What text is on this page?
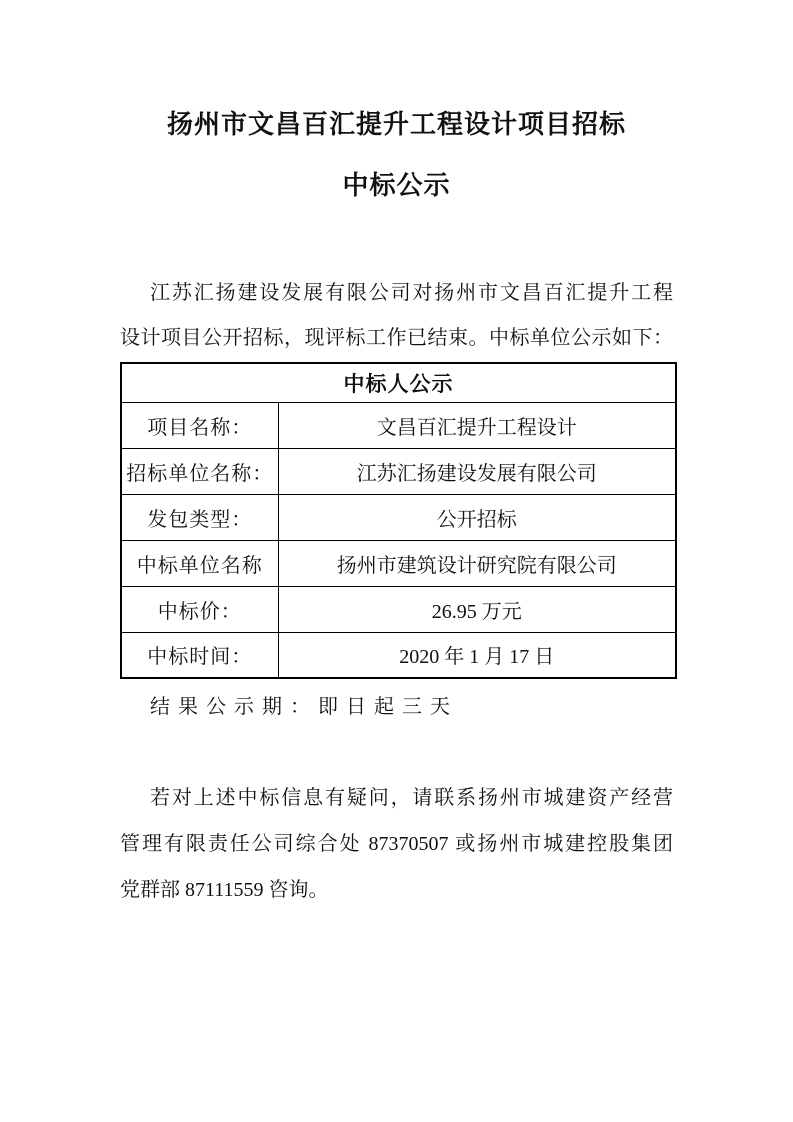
扬州市文昌百汇提升工程设计项目招标
中标公示
江苏汇扬建设发展有限公司对扬州市文昌百汇提升工程
设计项目公开招标，现评标工作已结束。中标单位公示如下：
中标人公示	
项目名称：	文昌百汇提升工程设计
招标单位名称：	江苏汇扬建设发展有限公司
发包类型：	公开招标
中标单位名称	扬州市建筑设计研究院有限公司
中标价：	26.95 万元
中标时间：	2020 年 1 月 17 日
结果公示期：即日起三天
若对上述中标信息有疑问，请联系扬州市城建资产经营
管理有限责任公司综合处 87370507 或扬州市城建控股集团
党群部 87111559 咨询。
